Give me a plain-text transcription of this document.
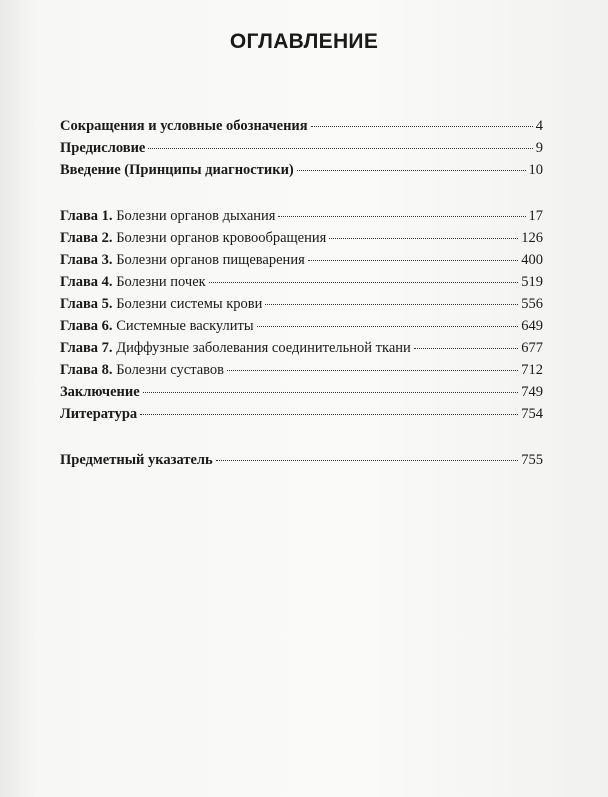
ОГЛАВЛЕНИЕ
Сокращения и условные обозначения	4
Предисловие	9
Введение (Принципы диагностики)	10
Глава 1. Болезни органов дыхания	17
Глава 2. Болезни органов кровообращения	126
Глава 3. Болезни органов пищеварения	400
Глава 4. Болезни почек	519
Глава 5. Болезни системы крови	556
Глава 6. Системные васкулиты	649
Глава 7. Диффузные заболевания соединительной ткани	677
Глава 8. Болезни суставов	712
Заключение	749
Литература	754
Предметный указатель	755
